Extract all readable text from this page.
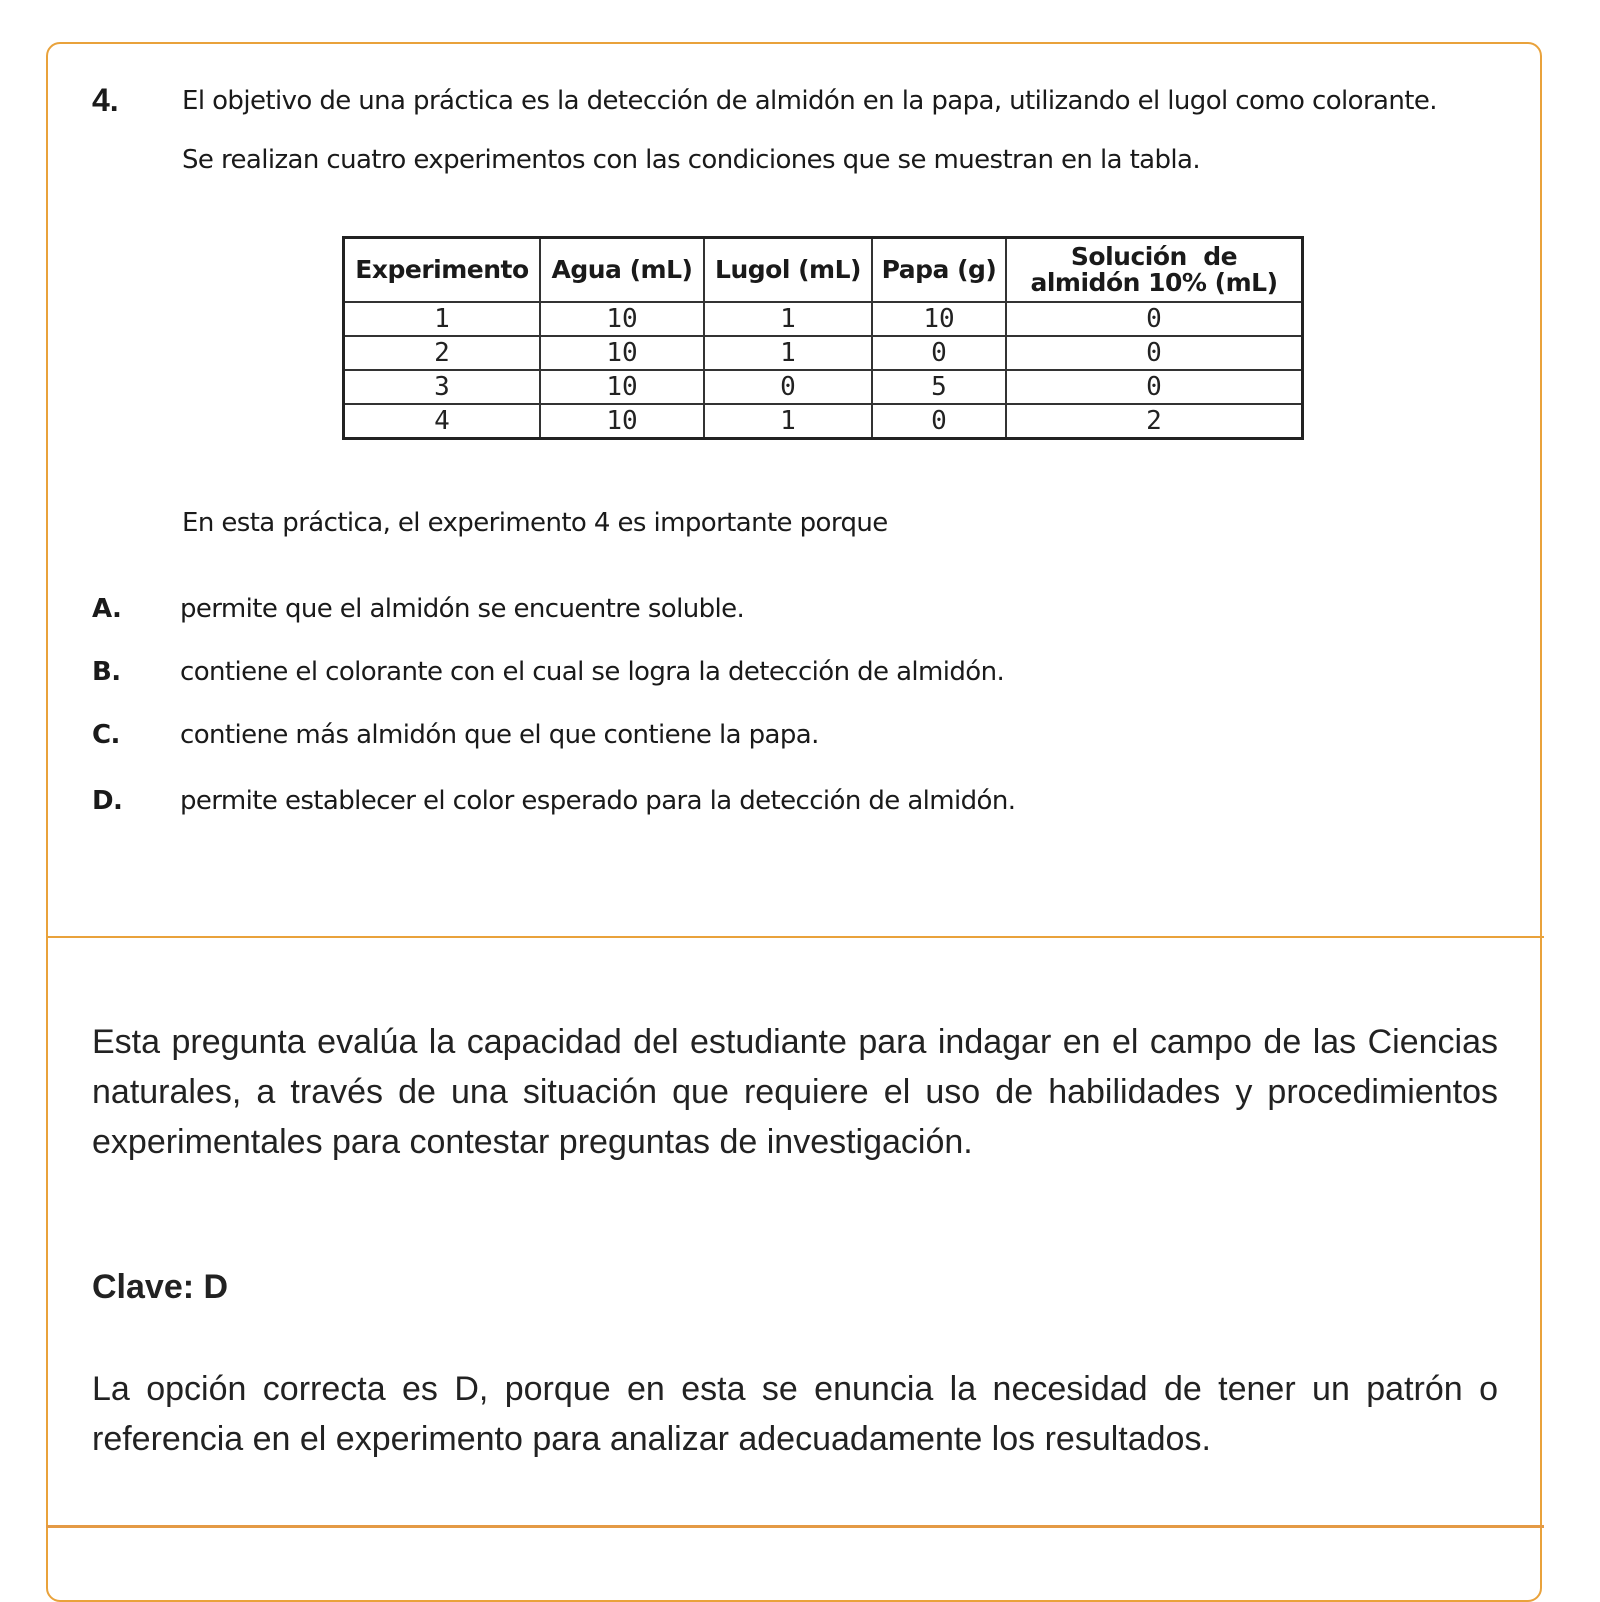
4. El objetivo de una práctica es la detección de almidón en la papa, utilizando el lugol como colorante.
Se realizan cuatro experimentos con las condiciones que se muestran en la tabla.
Experimento	Agua (mL)	Lugol (mL)	Papa (g)	Solución  de
almidón 10% (mL)

1	10	1	10	0
2	10	1	0	0
3	10	0	5	0
4	10	1	0	2
En esta práctica, el experimento 4 es importante porque
A. permite que el almidón se encuentre soluble.
B. contiene el colorante con el cual se logra la detección de almidón.
C. contiene más almidón que el que contiene la papa.
D. permite establecer el color esperado para la detección de almidón.
Esta pregunta evalúa la capacidad del estudiante para indagar en el campo de las Ciencias naturales, a través de una situación que requiere el uso de habilidades y procedimientos experimentales para contestar preguntas de investigación.
Clave: D
La opción correcta es D, porque en esta se enuncia la necesidad de tener un patrón o referencia en el experimento para analizar adecuadamente los resultados.
